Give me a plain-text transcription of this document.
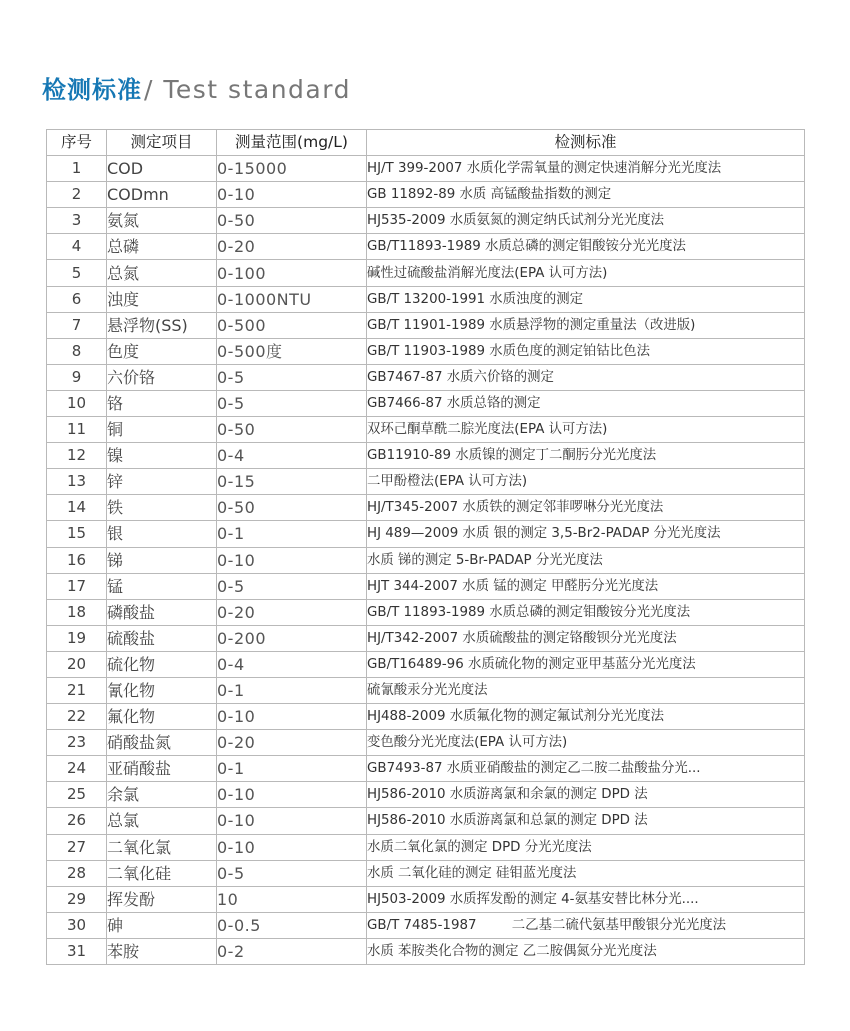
检测标准 / Test standard
序号	测定项目	测量范围(mg/L)	检测标准
1	COD	0-15000	HJ/T 399-2007 水质化学需氧量的测定快速消解分光光度法
2	CODmn	0-10	GB 11892-89 水质 高锰酸盐指数的测定
3	氨氮	0-50	HJ535-2009 水质氨氮的测定纳氏试剂分光光度法
4	总磷	0-20	GB/T11893-1989 水质总磷的测定钼酸铵分光光度法
5	总氮	0-100	碱性过硫酸盐消解光度法(EPA 认可方法)
6	浊度	0-1000NTU	GB/T 13200-1991 水质浊度的测定
7	悬浮物(SS)	0-500	GB/T 11901-1989 水质悬浮物的测定重量法（改进版)
8	色度	0-500度	GB/T 11903-1989 水质色度的测定铂钴比色法
9	六价铬	0-5	GB7467-87 水质六价铬的测定
10	铬	0-5	GB7466-87 水质总铬的测定
11	铜	0-50	双环己酮草酰二腙光度法(EPA 认可方法)
12	镍	0-4	GB11910-89 水质镍的测定丁二酮肟分光光度法
13	锌	0-15	二甲酚橙法(EPA 认可方法)
14	铁	0-50	HJ/T345-2007 水质铁的测定邻菲啰啉分光光度法
15	银	0-1	HJ 489—2009 水质 银的测定 3,5-Br2-PADAP 分光光度法
16	锑	0-10	水质 锑的测定 5-Br-PADAP 分光光度法
17	锰	0-5	HJT 344-2007 水质 锰的测定 甲醛肟分光光度法
18	磷酸盐	0-20	GB/T 11893-1989 水质总磷的测定钼酸铵分光光度法
19	硫酸盐	0-200	HJ/T342-2007 水质硫酸盐的测定铬酸钡分光光度法
20	硫化物	0-4	GB/T16489-96 水质硫化物的测定亚甲基蓝分光光度法
21	氰化物	0-1	硫氰酸汞分光光度法
22	氟化物	0-10	HJ488-2009 水质氟化物的测定氟试剂分光光度法
23	硝酸盐氮	0-20	变色酸分光光度法(EPA 认可方法)
24	亚硝酸盐	0-1	GB7493-87 水质亚硝酸盐的测定乙二胺二盐酸盐分光...
25	余氯	0-10	HJ586-2010 水质游离氯和余氯的测定 DPD 法
26	总氯	0-10	HJ586-2010 水质游离氯和总氯的测定 DPD 法
27	二氧化氯	0-10	水质二氧化氯的测定 DPD 分光光度法
28	二氧化硅	0-5	水质 二氧化硅的测定 硅钼蓝光度法
29	挥发酚	10	HJ503-2009 水质挥发酚的测定 4-氨基安替比林分光....
30	砷	0-0.5	GB/T 7485-1987 　　 二乙基二硫代氨基甲酸银分光光度法
31	苯胺	0-2	水质 苯胺类化合物的测定 乙二胺偶氮分光光度法
